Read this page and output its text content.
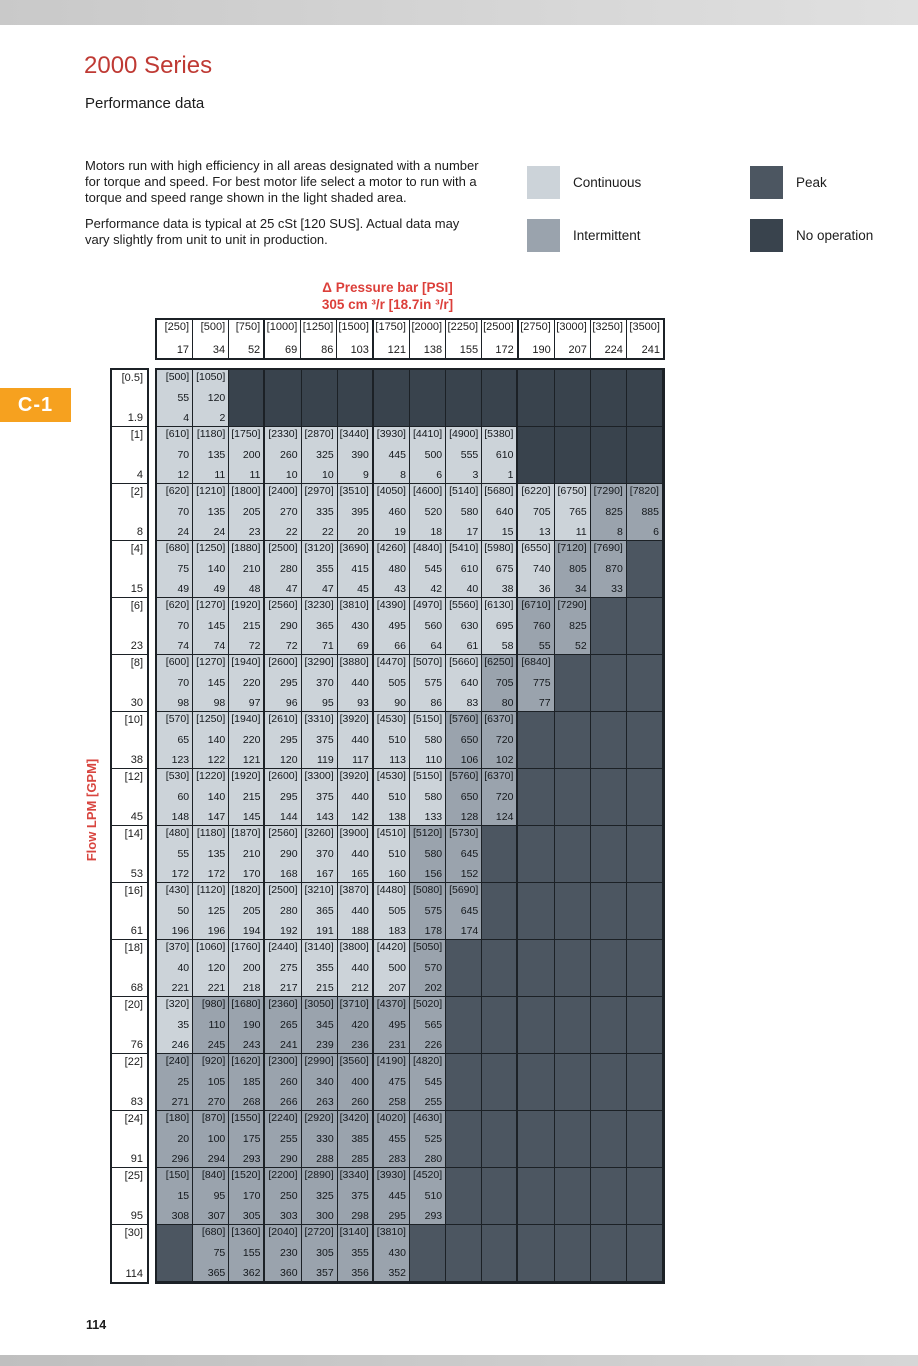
2000 Series
Performance data

Motors run with high efficiency in all areas designated with a number for torque and speed. For best motor life select a motor to run with a torque and speed range shown in the light shaded area.

Performance data is typical at 25 cSt [120 SUS]. Actual data may vary slightly from unit to unit in production.

Continuous
Intermittent
Peak
No operation
Δ Pressure bar [PSI]
305 cm ³/r [18.7in ³/r]
Flow LPM [GPM]
C-1
[250]
17
[500]
34
[750]
52
[1000]
69
[1250]
86
[1500]
103
[1750]
121
[2000]
138
[2250]
155
[2500]
172
[2750]
190
[3000]
207
[3250]
224
[3500]
241
[0.5]
1.9
[1]
4
[2]
8
[4]
15
[6]
23
[8]
30
[10]
38
[12]
45
[14]
53
[16]
61
[18]
68
[20]
76
[22]
83
[24]
91
[25]
95
[30]
114
[500]
55
4
[1050]
120
2
[610]
70
12
[1180]
135
11
[1750]
200
11
[2330]
260
10
[2870]
325
10
[3440]
390
9
[3930]
445
8
[4410]
500
6
[4900]
555
3
[5380]
610
1
[620]
70
24
[1210]
135
24
[1800]
205
23
[2400]
270
22
[2970]
335
22
[3510]
395
20
[4050]
460
19
[4600]
520
18
[5140]
580
17
[5680]
640
15
[6220]
705
13
[6750]
765
11
[7290]
825
8
[7820]
885
6
[680]
75
49
[1250]
140
49
[1880]
210
48
[2500]
280
47
[3120]
355
47
[3690]
415
45
[4260]
480
43
[4840]
545
42
[5410]
610
40
[5980]
675
38
[6550]
740
36
[7120]
805
34
[7690]
870
33
[620]
70
74
[1270]
145
74
[1920]
215
72
[2560]
290
72
[3230]
365
71
[3810]
430
69
[4390]
495
66
[4970]
560
64
[5560]
630
61
[6130]
695
58
[6710]
760
55
[7290]
825
52
[600]
70
98
[1270]
145
98
[1940]
220
97
[2600]
295
96
[3290]
370
95
[3880]
440
93
[4470]
505
90
[5070]
575
86
[5660]
640
83
[6250]
705
80
[6840]
775
77
[570]
65
123
[1250]
140
122
[1940]
220
121
[2610]
295
120
[3310]
375
119
[3920]
440
117
[4530]
510
113
[5150]
580
110
[5760]
650
106
[6370]
720
102
[530]
60
148
[1220]
140
147
[1920]
215
145
[2600]
295
144
[3300]
375
143
[3920]
440
142
[4530]
510
138
[5150]
580
133
[5760]
650
128
[6370]
720
124
[480]
55
172
[1180]
135
172
[1870]
210
170
[2560]
290
168
[3260]
370
167
[3900]
440
165
[4510]
510
160
[5120]
580
156
[5730]
645
152
[430]
50
196
[1120]
125
196
[1820]
205
194
[2500]
280
192
[3210]
365
191
[3870]
440
188
[4480]
505
183
[5080]
575
178
[5690]
645
174
[370]
40
221
[1060]
120
221
[1760]
200
218
[2440]
275
217
[3140]
355
215
[3800]
440
212
[4420]
500
207
[5050]
570
202
[320]
35
246
[980]
110
245
[1680]
190
243
[2360]
265
241
[3050]
345
239
[3710]
420
236
[4370]
495
231
[5020]
565
226
[240]
25
271
[920]
105
270
[1620]
185
268
[2300]
260
266
[2990]
340
263
[3560]
400
260
[4190]
475
258
[4820]
545
255
[180]
20
296
[870]
100
294
[1550]
175
293
[2240]
255
290
[2920]
330
288
[3420]
385
285
[4020]
455
283
[4630]
525
280
[150]
15
308
[840]
95
307
[1520]
170
305
[2200]
250
303
[2890]
325
300
[3340]
375
298
[3930]
445
295
[4520]
510
293
[680]
75
365
[1360]
155
362
[2040]
230
360
[2720]
305
357
[3140]
355
356
[3810]
430
352
114
